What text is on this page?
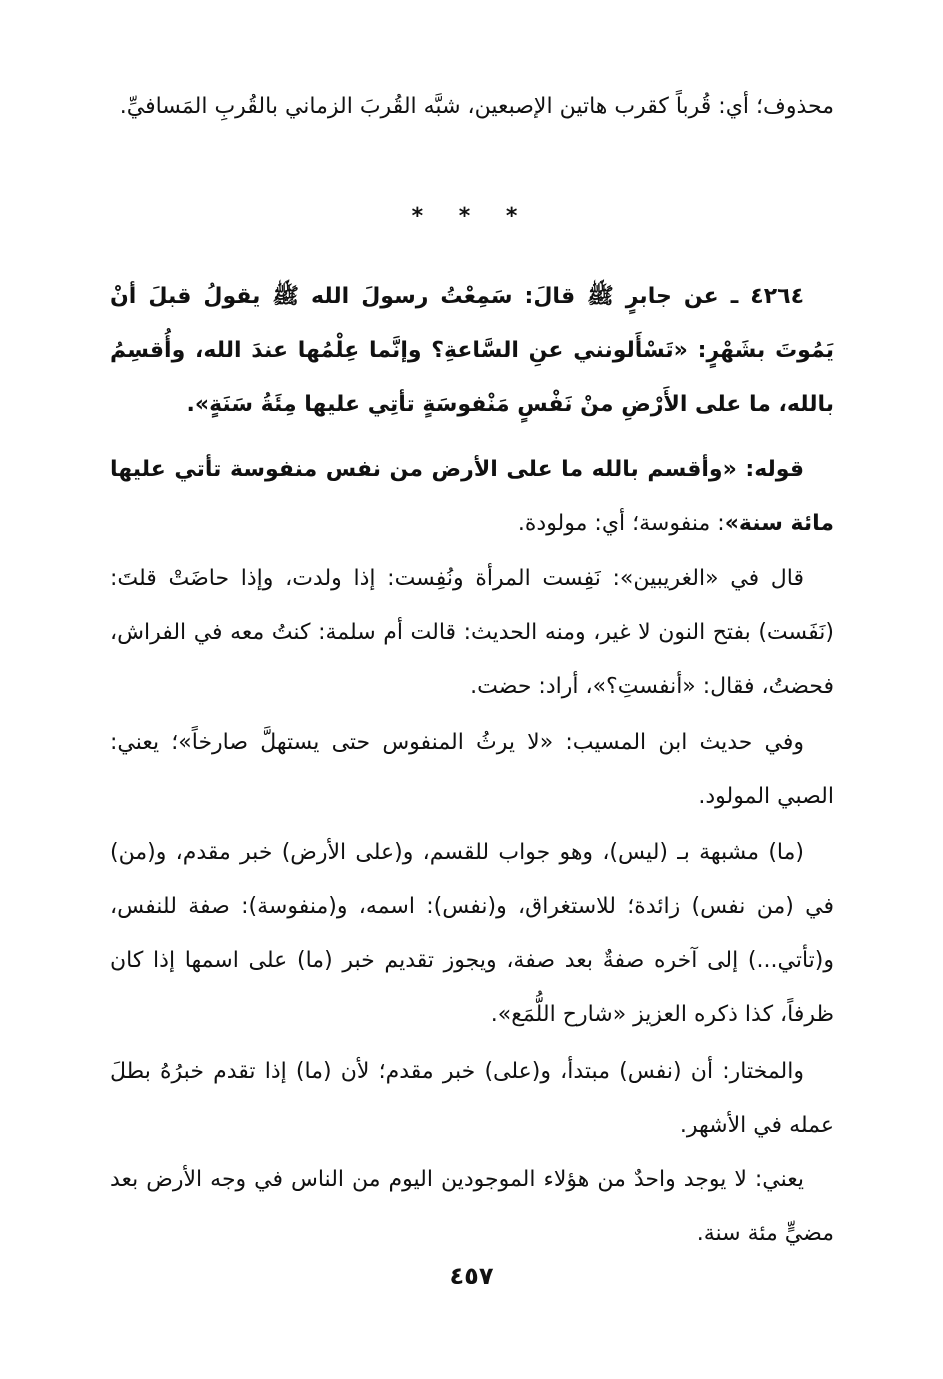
محذوف؛ أي: قُرباً كقرب هاتين الإصبعين، شبَّه القُربَ الزماني بالقُربِ المَسافيِّ.
* * *
٤٢٦٤ ـ عن جابرٍ ﷺ قالَ: سَمِعْتُ رسولَ الله ﷺ يقولُ قبلَ أنْ يَمُوتَ بشَهْرٍ: «تَسْأَلونني عنِ السَّاعةِ؟ وإنَّما عِلْمُها عندَ الله، وأُقسِمُ بالله، ما على الأَرْضِ منْ نَفْسٍ مَنْفوسَةٍ تأتِي عليها مِئَةُ سَنَةٍ».
قوله: «وأقسم بالله ما على الأرض من نفس منفوسة تأتي عليها مائة سنة»: منفوسة؛ أي: مولودة.
قال في «الغريبين»: نَفِست المرأة ونُفِست: إذا ولدت، وإذا حاضَتْ قلتَ: (نَفَست) بفتح النون لا غير، ومنه الحديث: قالت أم سلمة: كنتُ معه في الفراش، فحضتُ، فقال: «أنفستِ؟»، أراد: حضت.
وفي حديث ابن المسيب: «لا يرثُ المنفوس حتى يستهلَّ صارخاً»؛ يعني: الصبي المولود.
(ما) مشبهة بـ (ليس)، وهو جواب للقسم، و(على الأرض) خبر مقدم، و(من) في (من نفس) زائدة؛ للاستغراق، و(نفس): اسمه، و(منفوسة): صفة للنفس، و(تأتي...) إلى آخره صفةٌ بعد صفة، ويجوز تقديم خبر (ما) على اسمها إذا كان ظرفاً، كذا ذكره العزيز «شارح اللُّمَع».
والمختار: أن (نفس) مبتدأ، و(على) خبر مقدم؛ لأن (ما) إذا تقدم خبرُهُ بطلَ عمله في الأشهر.
يعني: لا يوجد واحدٌ من هؤلاء الموجودين اليوم من الناس في وجه الأرض بعد مضيٍّ مئة سنة.
٤٥٧
